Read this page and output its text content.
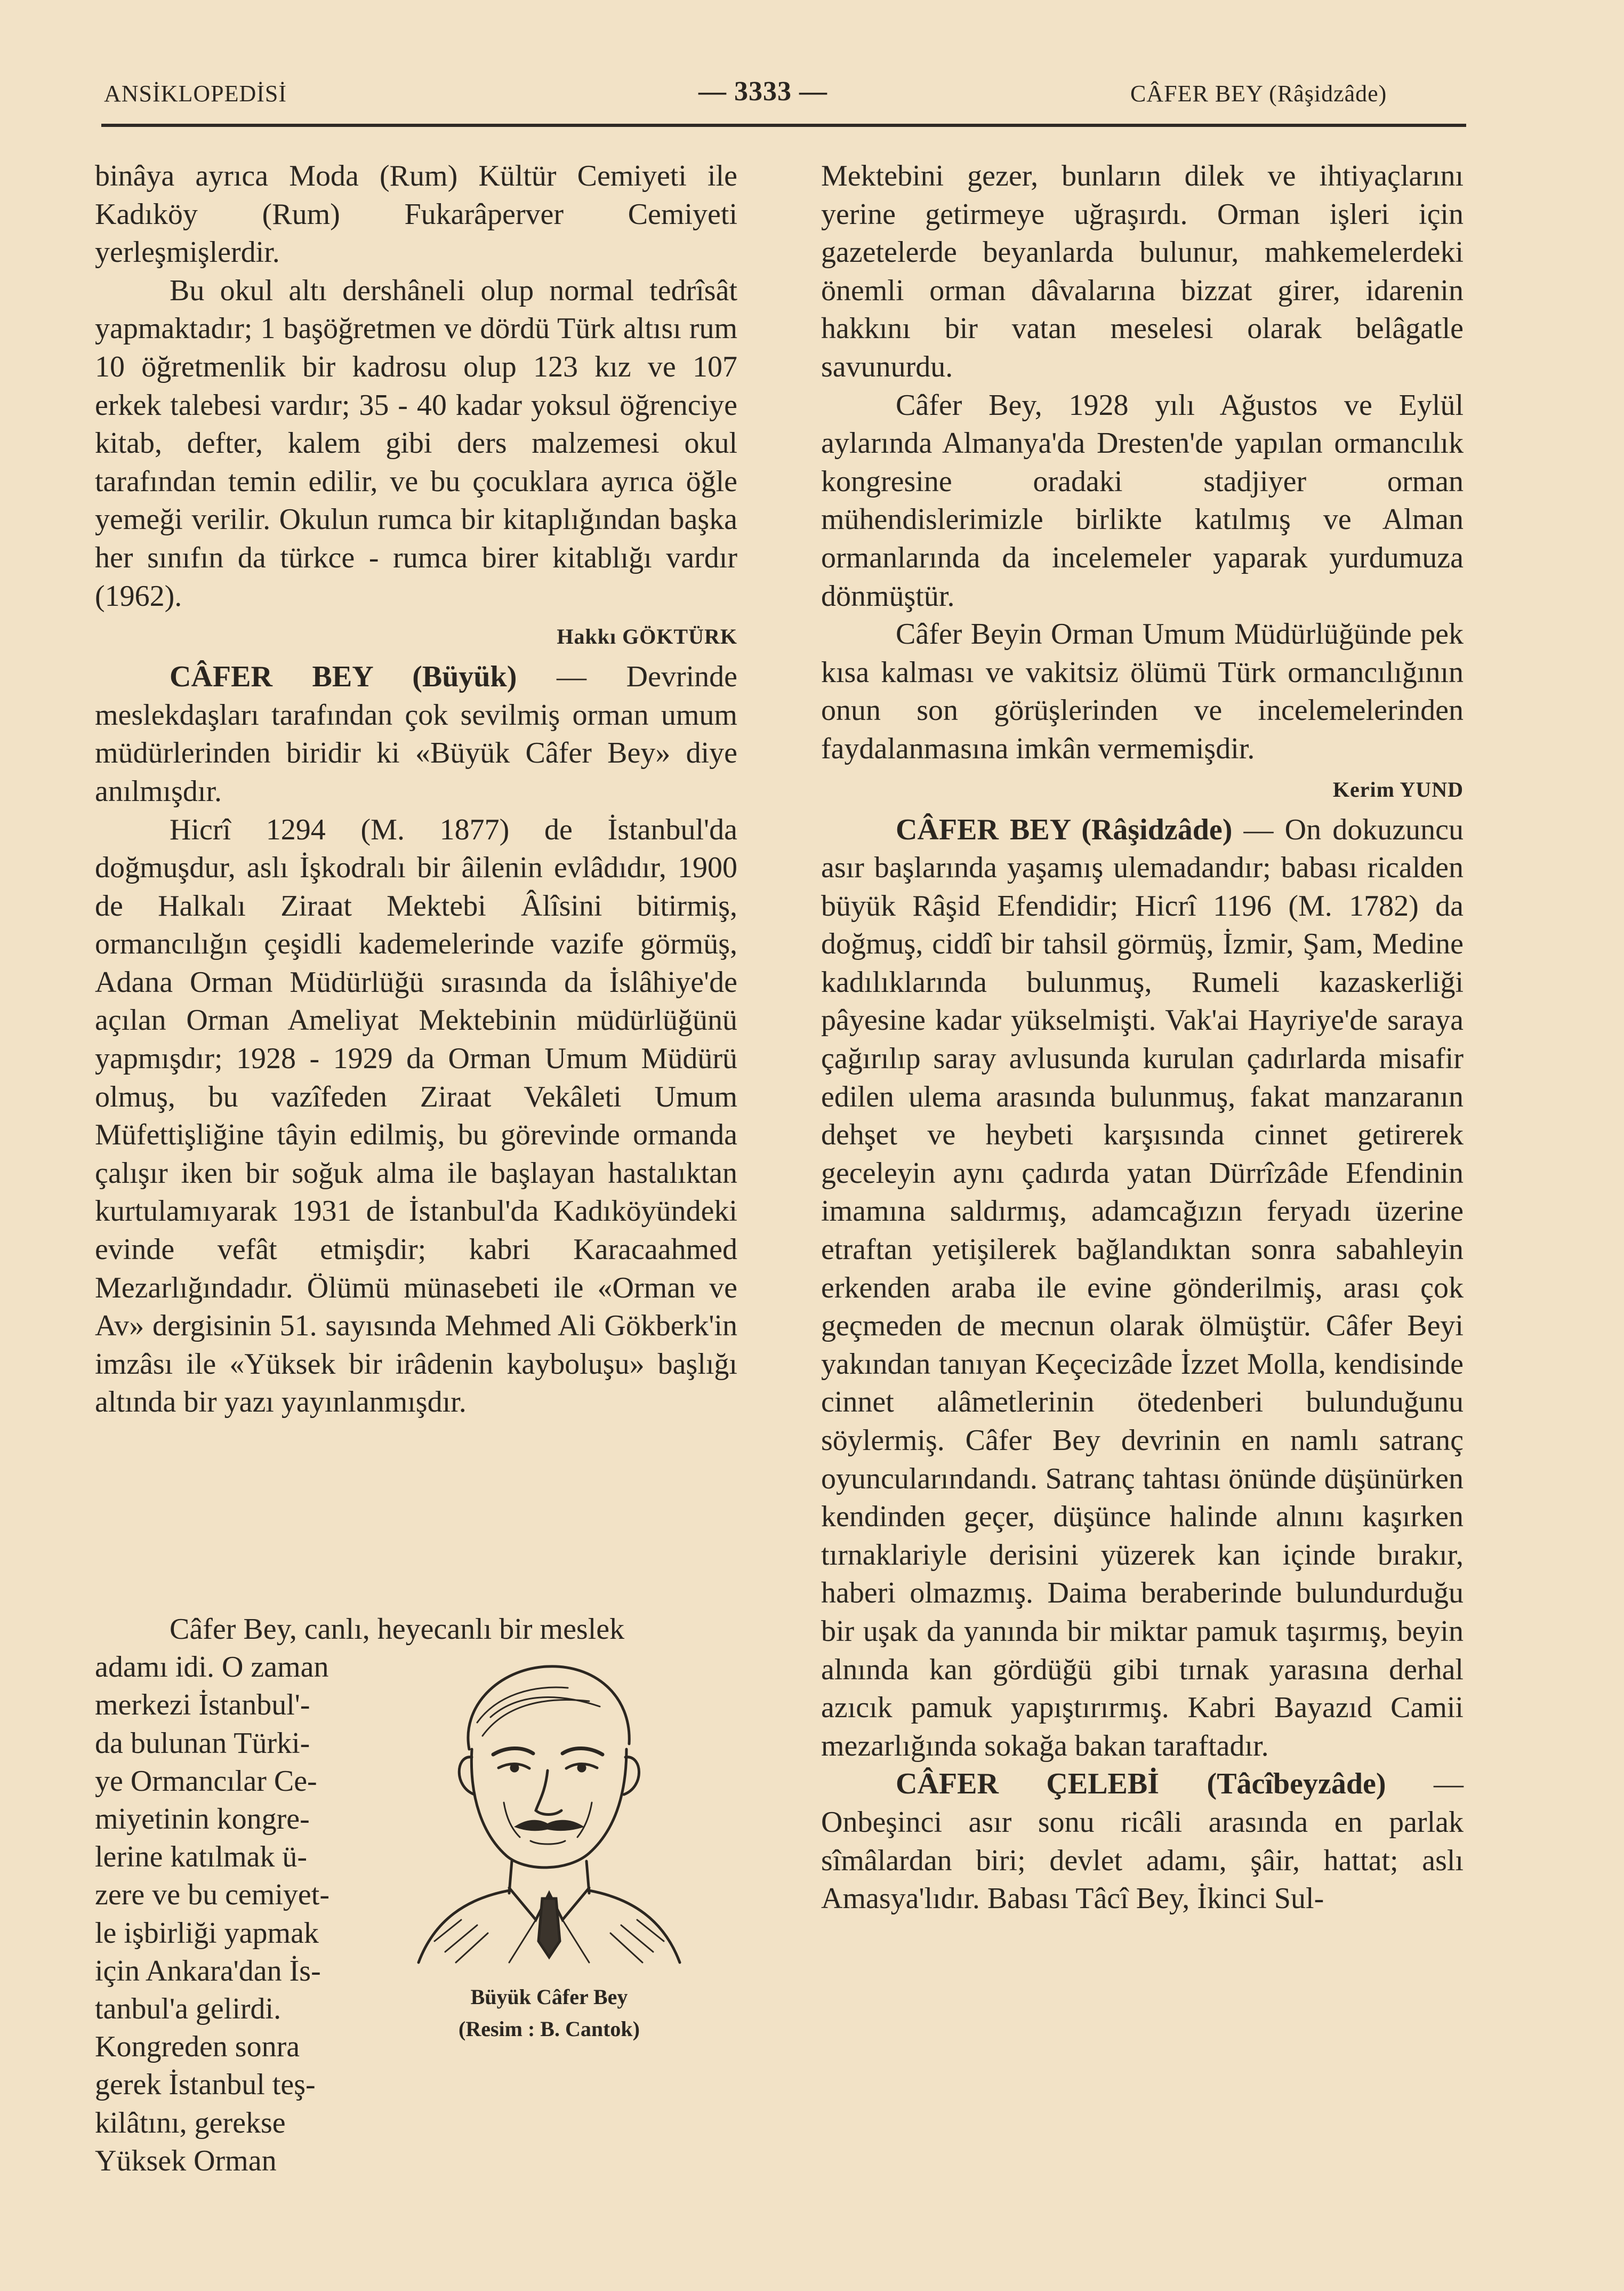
ANSİKLOPEDİSİ	— 3333 —	CÂFER BEY (Râşidzâde)

binâya ayrıca Moda (Rum) Kültür Cemiyeti ile Kadıköy (Rum) Fukarâperver Cemiyeti yerleşmişlerdir.

Bu okul altı dershâneli olup normal tedrîsât yapmaktadır; 1 başöğretmen ve dördü Türk altısı rum 10 öğretmenlik bir kadrosu olup 123 kız ve 107 erkek talebesi vardır; 35 - 40 kadar yoksul öğrenciye kitab, defter, kalem gibi ders malzemesi okul tarafından temin edilir, ve bu çocuklara ayrıca öğle yemeği verilir. Okulun rumca bir kitaplığından başka her sınıfın da türkce - rumca birer kitablığı vardır (1962).

Hakkı GÖKTÜRK

CÂFER BEY (Büyük) — Devrinde meslekdaşları tarafından çok sevilmiş orman umum müdürlerinden biridir ki «Büyük Câfer Bey» diye anılmışdır.

Hicrî 1294 (M. 1877) de İstanbul'da doğmuşdur, aslı İşkodralı bir âilenin evlâdıdır, 1900 de Halkalı Ziraat Mektebi Âlîsini bitirmiş, ormancılığın çeşidli kademelerinde vazife görmüş, Adana Orman Müdürlüğü sırasında da İslâhiye'de açılan Orman Ameliyat Mektebinin müdürlüğünü yapmışdır; 1928 - 1929 da Orman Umum Müdürü olmuş, bu vazîfeden Ziraat Vekâleti Umum Müfettişliğine tâyin edilmiş, bu görevinde ormanda çalışır iken bir soğuk alma ile başlayan hastalıktan kurtulamıyarak 1931 de İstanbul'da Kadıköyündeki evinde vefât etmişdir; kabri Karacaahmed Mezarlığındadır. Ölümü münasebeti ile «Orman ve Av» dergisinin 51. sayısında Mehmed Ali Gökberk'in imzâsı ile «Yüksek bir irâdenin kayboluşu» başlığı altında bir yazı yayınlanmışdır.

Câfer Bey, canlı, heyecanlı bir meslek
adamı idi. O zaman
merkezi İstanbul'-
da bulunan Türki-
ye Ormancılar Ce-
miyetinin kongre-
lerine katılmak ü-
zere ve bu cemiyet-
le işbirliği yapmak
için Ankara'dan İs-
tanbul'a gelirdi.
Kongreden sonra
gerek İstanbul teş-
kilâtını, gerekse
Yüksek Orman
Büyük Câfer Bey
(Resim : B. Cantok)

Mektebini gezer, bunların dilek ve ihtiyaçlarını yerine getirmeye uğraşırdı. Orman işleri için gazetelerde beyanlarda bulunur, mahkemelerdeki önemli orman dâvalarına bizzat girer, idarenin hakkını bir vatan meselesi olarak belâgatle savunurdu.

Câfer Bey, 1928 yılı Ağustos ve Eylül aylarında Almanya'da Dresten'de yapılan ormancılık kongresine oradaki stadjiyer orman mühendislerimizle birlikte katılmış ve Alman ormanlarında da incelemeler yaparak yurdumuza dönmüştür.

Câfer Beyin Orman Umum Müdürlüğünde pek kısa kalması ve vakitsiz ölümü Türk ormancılığının onun son görüşlerinden ve incelemelerinden faydalanmasına imkân vermemişdir.

Kerim YUND

CÂFER BEY (Râşidzâde) — On dokuzuncu asır başlarında yaşamış ulemadandır; babası ricalden büyük Râşid Efendidir; Hicrî 1196 (M. 1782) da doğmuş, ciddî bir tahsil görmüş, İzmir, Şam, Medine kadılıklarında bulunmuş, Rumeli kazaskerliği pâyesine kadar yükselmişti. Vak'ai Hayriye'de saraya çağırılıp saray avlusunda kurulan çadırlarda misafir edilen ulema arasında bulunmuş, fakat manzaranın dehşet ve heybeti karşısında cinnet getirerek geceleyin aynı çadırda yatan Dürrîzâde Efendinin imamına saldırmış, adamcağızın feryadı üzerine etraftan yetişilerek bağlandıktan sonra sabahleyin erkenden araba ile evine gönderilmiş, arası çok geçmeden de mecnun olarak ölmüştür. Câfer Beyi yakından tanıyan Keçecizâde İzzet Molla, kendisinde cinnet alâmetlerinin ötedenberi bulunduğunu söylermiş. Câfer Bey devrinin en namlı satranç oyuncularındandı. Satranç tahtası önünde düşünürken kendinden geçer, düşünce halinde alnını kaşırken tırnaklariyle derisini yüzerek kan içinde bırakır, haberi olmazmış. Daima beraberinde bulundurduğu bir uşak da yanında bir miktar pamuk taşırmış, beyin alnında kan gördüğü gibi tırnak yarasına derhal azıcık pamuk yapıştırırmış. Kabri Bayazıd Camii mezarlığında sokağa bakan taraftadır.

CÂFER ÇELEBİ (Tâcîbeyzâde) — Onbeşinci asır sonu ricâli arasında en parlak sîmâlardan biri; devlet adamı, şâir, hattat; aslı Amasya'lıdır. Babası Tâcî Bey, İkinci Sul-
